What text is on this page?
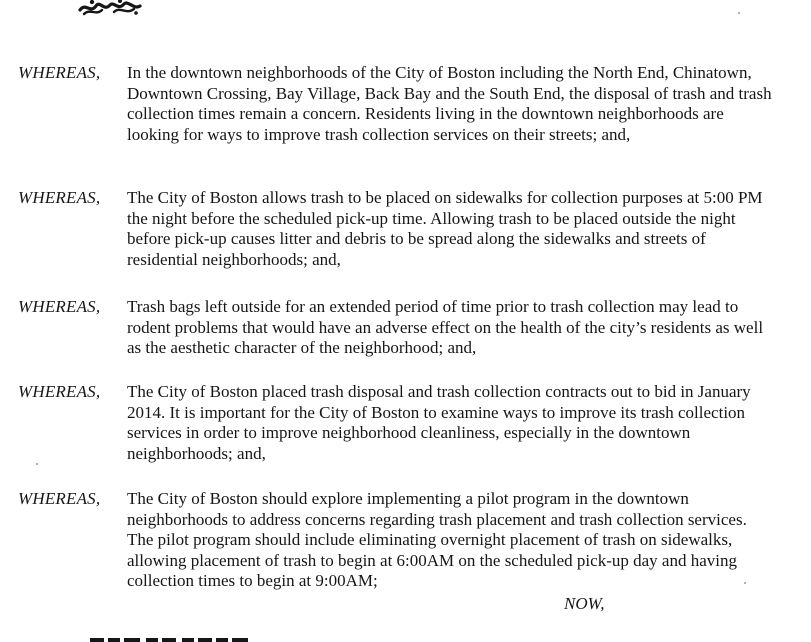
WHEREAS, In the downtown neighborhoods of the City of Boston including the North End, Chinatown, Downtown Crossing, Bay Village, Back Bay and the South End, the disposal of trash and trash collection times remain a concern. Residents living in the downtown neighborhoods are looking for ways to improve trash collection services on their streets; and,

WHEREAS, The City of Boston allows trash to be placed on sidewalks for collection purposes at 5:00 PM the night before the scheduled pick-up time. Allowing trash to be placed outside the night before pick-up causes litter and debris to be spread along the sidewalks and streets of residential neighborhoods; and,

WHEREAS, Trash bags left outside for an extended period of time prior to trash collection may lead to rodent problems that would have an adverse effect on the health of the city’s residents as well as the aesthetic character of the neighborhood; and,

WHEREAS, The City of Boston placed trash disposal and trash collection contracts out to bid in January 2014. It is important for the City of Boston to examine ways to improve its trash collection services in order to improve neighborhood cleanliness, especially in the downtown neighborhoods; and,

WHEREAS, The City of Boston should explore implementing a pilot program in the downtown neighborhoods to address concerns regarding trash placement and trash collection services. The pilot program should include eliminating overnight placement of trash on sidewalks, allowing placement of trash to begin at 6:00AM on the scheduled pick-up day and having collection times to begin at 9:00AM;

NOW,
